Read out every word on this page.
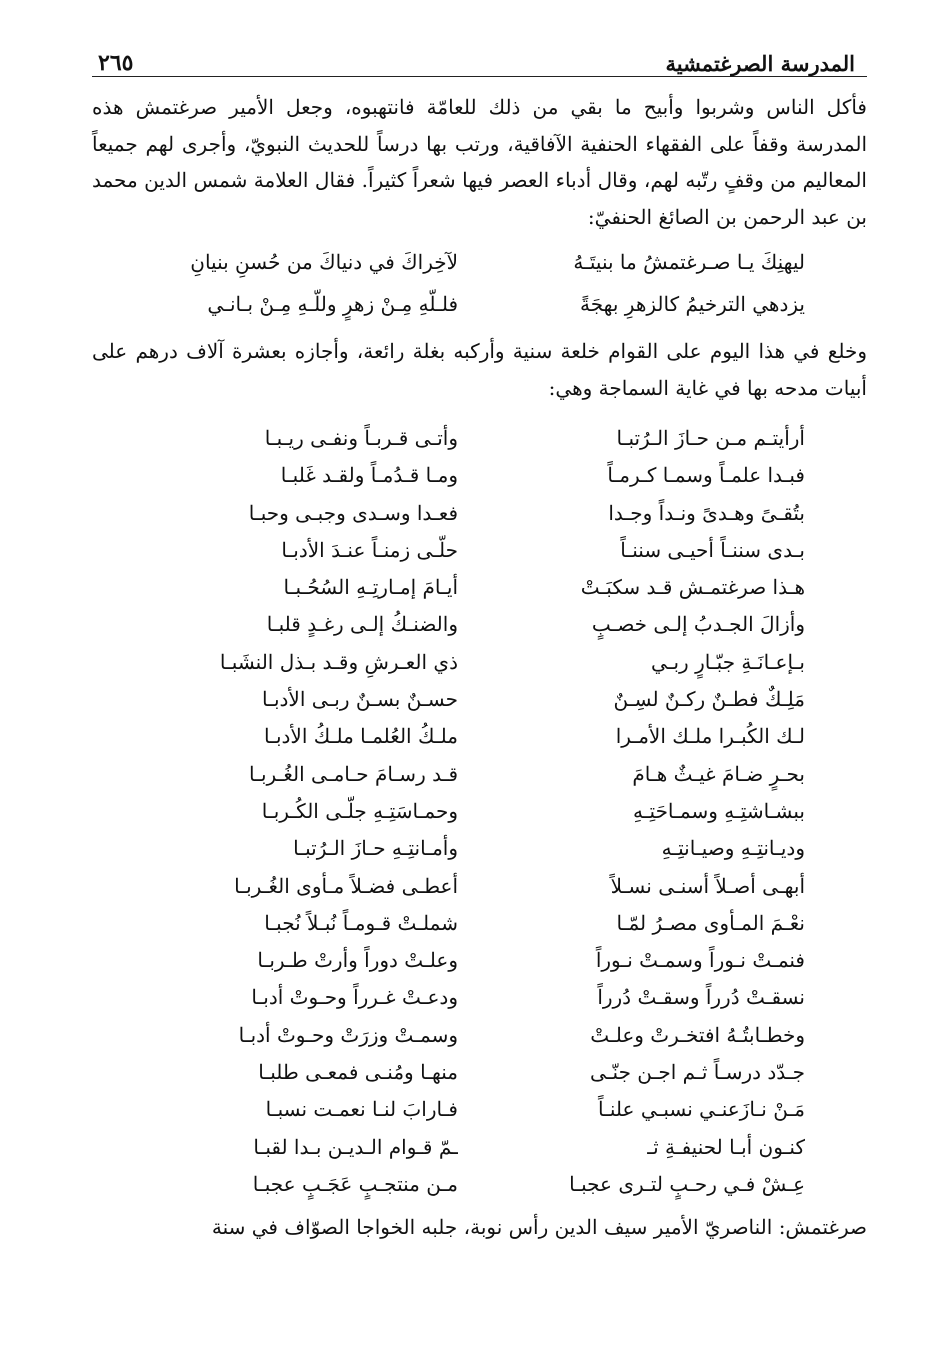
المدرسة الصرغتمشية
٢٦٥

فأكل الناس وشربوا وأبيح ما بقي من ذلك للعامّة فانتهبوه، وجعل الأمير صرغتمش هذه المدرسة وقفاً على الفقهاء الحنفية الآفاقية، ورتب بها درساً للحديث النبويّ، وأجرى لهم جميعاً المعاليم من وقفٍ رتّبه لهم، وقال أدباء العصر فيها شعراً كثيراً. فقال العلامة شمس الدين محمد بن عبد الرحمن بن الصائغ الحنفيّ:

ليهنِكَ يـا صـرغتمشُ ما بنيتَـهُ
لآخِراكَ في دنياكَ من حُسنِ بنيانِ
يزدهي الترخيمُ كالزهرِ بهجَةً
فلـلّهِ مِـنْ زهرٍ وللّـهِ مِـنْ بـانـي

وخلع في هذا اليوم على القوام خلعة سنية وأركبه بغلة رائعة، وأجازه بعشرة آلاف درهم على أبيات مدحه بها في غاية السماجة وهي:

أرأيتـم مـن حـازَ الـرُتبـا
وأتـى قـربـاً ونفـى ريـبـا
فبـدا علمـاً وسمـا كـرمـاً
ومـا قـدُمـاً ولقـد غَلبـا
بتُقـىً وهـدىً ونـداً وجـدا
فعـدا وسـدى وجبـى وحبـا
بـدى سننـاً أحيـى سننـاً
حلّـى زمنـاً عنـدَ الأدبـا
هـذا صرغتمـش قـد سكبَـتْ
أيـامَ إمـارتِـهِ السُحُـبـا
وأزالَ الجـدبُ إلـى خصـبٍ
والضنـكُ إلـى رغـدٍ قلبـا
بـإعـانَـةِ جبّـارٍ ربـي
ذي العـرشِ وقـد بـذل النشَبـا
مَلِـكٌ فطـنٌ ركـنٌ لسِـنٌ
حسـنٌ بسـنٌ ربـى الأدبـا
لـك الكُبـرا ملـك الأمـرا
ملـكُ العُلمـا ملـكُ الأدبـا
بحـرٍ ضـامَ غيـثٌ هـامَ
قـد رسـامَ حـامـى الغُـربـا
ببشـاشتِـهِ وسمـاحَتِـهِ
وحمـاسَتِـهِ جلّـى الكُـربـا
وديـانتِـهِ وصيـانتِـهِ
وأمـانتِـهِ حـازَ الـرُتبـا
أبهـى أصـلاً أسنـى نسـلاً
أعطـى فضـلاً مـأوى الغُـربـا
نعْـمَ المـأوى مصـرُ لمّـا
شملـتْ قـومـاً نُبـلاً نُجبـا
فنمـتْ نـوراً وسمـتْ نـوراً
وعلـتْ دوراً وأرتْ طـربـا
نسقـتْ دُرراً وسقـتْ دُرراً
ودعـتْ غـرراً وحـوتْ أدبـا
وخطـابتُـهُ افتخـرتْ وعلـتْ
وسمـتْ وزرَتْ وحـوتْ أدبـا
جـدّد درسـاً ثـم اجـن جنّـى
منهـا ومُنـى فمعـى طلبـا
مَـنْ نـازَعنـي نسبـي علنـاً
فـارابَ لنـا نعمـت نسبـا
كنـون أبـا لحنيفـةِ ثـ
ـمّ قـوام الـديـن بـدا لقبـا
عِـشْ فـي رحـبٍ لتـرى عجبـا
مـن منتجـبٍ عَجَـبٍ عجبـا

صرغتمش: الناصريّ الأمير سيف الدين رأس نوبة، جلبه الخواجا الصوّاف في سنة
